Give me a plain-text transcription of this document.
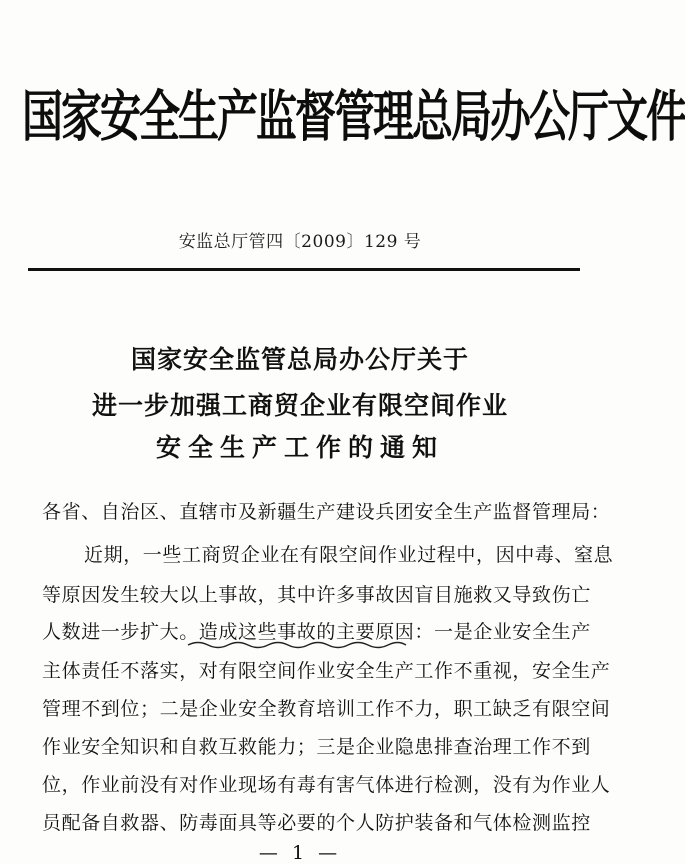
国家安全生产监督管理总局办公厅文件
安监总厅管四〔2009〕129 号
国家安全监管总局办公厅关于
进一步加强工商贸企业有限空间作业
安全生产工作的通知
各省、自治区、直辖市及新疆生产建设兵团安全生产监督管理局：
近期，一些工商贸企业在有限空间作业过程中，因中毒、窒息
等原因发生较大以上事故，其中许多事故因盲目施救又导致伤亡
人数进一步扩大。造成这些事故的主要原因：一是企业安全生产
主体责任不落实，对有限空间作业安全生产工作不重视，安全生产
管理不到位；二是企业安全教育培训工作不力，职工缺乏有限空间
作业安全知识和自救互救能力；三是企业隐患排查治理工作不到
位，作业前没有对作业现场有毒有害气体进行检测，没有为作业人
员配备自救器、防毒面具等必要的个人防护装备和气体检测监控
— 1 —
